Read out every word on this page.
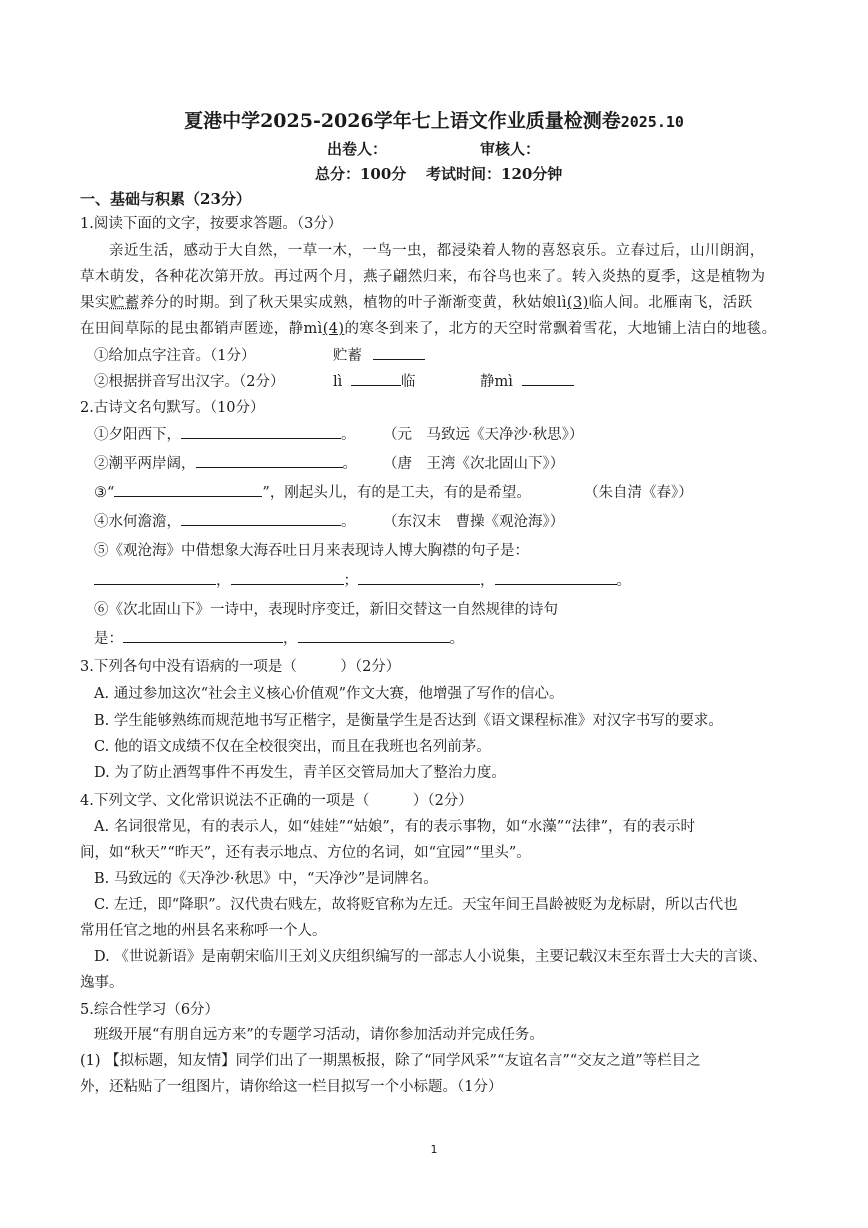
夏港中学2025-2026学年七上语文作业质量检测卷2025.10
出卷人：	审核人：
总分：100分 考试时间：120分钟
一、基础与积累（23分）
1.阅读下面的文字，按要求答题。（3分）
亲近生活，感动于大自然，一草一木，一鸟一虫，都浸染着人物的喜怒哀乐。立春过后，山川朗润，
草木萌发，各种花次第开放。再过两个月，燕子翩然归来，布谷鸟也来了。转入炎热的夏季，这是植物为
果实贮蓄养分的时期。到了秋天果实成熟，植物的叶子渐渐变黄，秋姑娘lì(3)临人间。北雁南飞，活跃
在田间草际的昆虫都销声匿迹，静mì(4)的寒冬到来了，北方的天空时常飘着雪花，大地铺上洁白的地毯。
①给加点字注音。（1分）	贮蓄
②根据拼音写出汉字。（2分）	lì	临	静mì
2.古诗文名句默写。（10分）
①夕阳西下，	。 （元　马致远《天净沙·秋思》）
②潮平两岸阔，	。 （唐　王湾《次北固山下》）
③“	”，刚起头儿，有的是工夫，有的是希望。	（朱自清《春》）
④水何澹澹，	。 （东汉末　曹操《观沧海》）
⑤《观沧海》中借想象大海吞吐日月来表现诗人博大胸襟的句子是：
，	；	，	。
⑥《次北固山下》一诗中，表现时序变迁，新旧交替这一自然规律的诗句
是：	，	。
3.下列各句中没有语病的一项是（　　　）（2分）
A. 通过参加这次“社会主义核心价值观”作文大赛，他增强了写作的信心。
B. 学生能够熟练而规范地书写正楷字，是衡量学生是否达到《语文课程标准》对汉字书写的要求。
C. 他的语文成绩不仅在全校很突出，而且在我班也名列前茅。
D. 为了防止酒驾事件不再发生，青羊区交管局加大了整治力度。
4.下列文学、文化常识说法不正确的一项是（　　　）（2分）
A. 名词很常见，有的表示人，如“娃娃”“姑娘”，有的表示事物，如“水藻”“法律”，有的表示时
间，如“秋天”“昨天”，还有表示地点、方位的名词，如“宜园”“里头”。
B. 马致远的《天净沙·秋思》中，“天净沙”是词牌名。
C. 左迁，即“降职”。汉代贵右贱左，故将贬官称为左迁。天宝年间王昌龄被贬为龙标尉，所以古代也
常用任官之地的州县名来称呼一个人。
D. 《世说新语》是南朝宋临川王刘义庆组织编写的一部志人小说集，主要记载汉末至东晋士大夫的言谈、
逸事。
5.综合性学习（6分）
班级开展“有朋自远方来”的专题学习活动，请你参加活动并完成任务。
(1) 【拟标题，知友情】同学们出了一期黑板报，除了“同学风采”“友谊名言”“交友之道”等栏目之
外，还粘贴了一组图片，请你给这一栏目拟写一个小标题。（1分）
1
